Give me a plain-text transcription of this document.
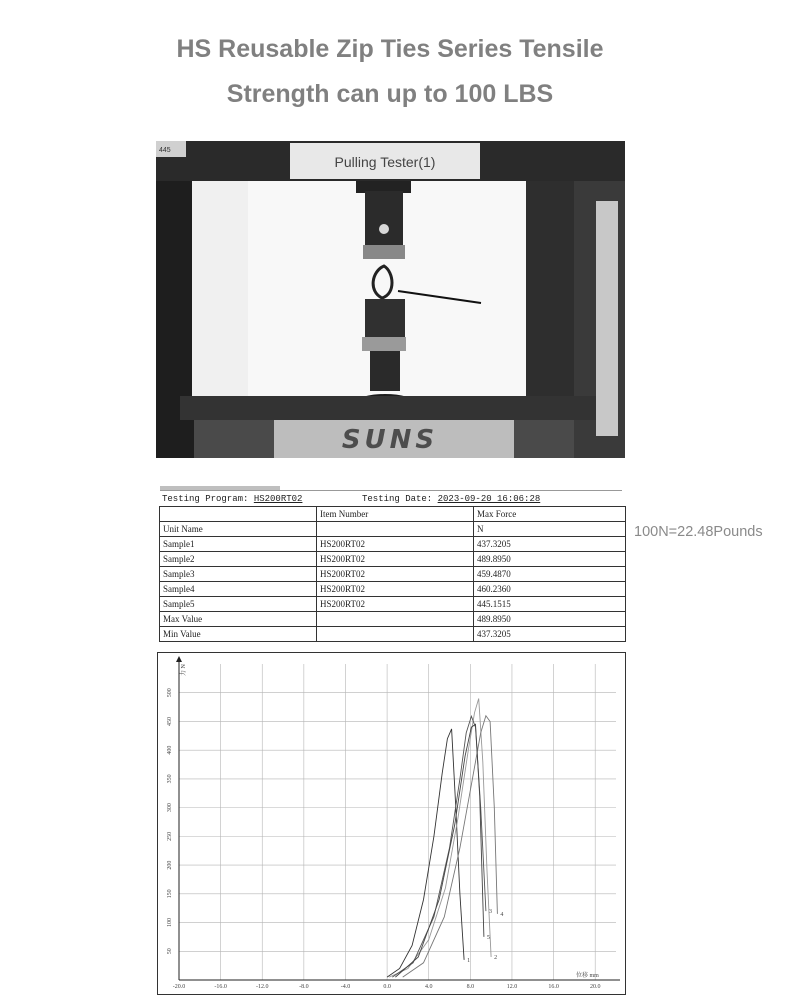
HS Reusable Zip Ties Series Tensile
Strength can up to 100 LBS
445
Pulling Tester(1)
SUNS
Testing Program: HS200RT02	Testing Date: 2023-09-20 16:06:28
	Item Number	Max Force
Unit Name		N
Sample1	HS200RT02	437.3205
Sample2	HS200RT02	489.8950
Sample3	HS200RT02	459.4870
Sample4	HS200RT02	460.2360
Sample5	HS200RT02	445.1515
Max Value		489.8950
Min Value		437.3205
100N=22.48Pounds
-20.0	-16.0	-12.0	-8.0	-4.0	0.0	4.0	8.0	12.0	16.0	20.0
50
100
150
200
250
300
350
400
450
500
1	2
3 4
5
力 N
位移 mm
